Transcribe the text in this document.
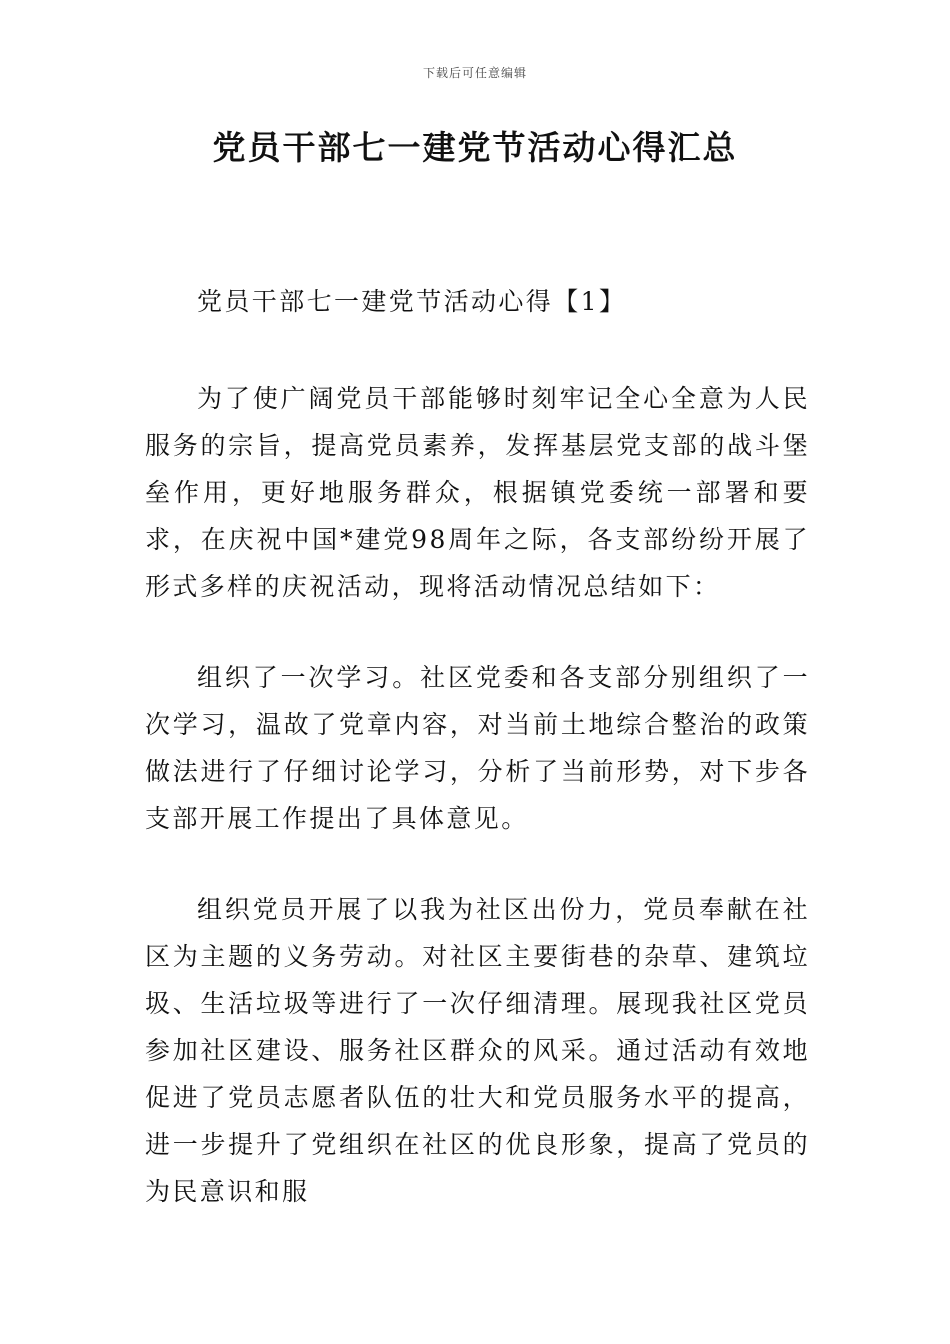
下载后可任意编辑
党员干部七一建党节活动心得汇总
党员干部七一建党节活动心得【1】

为了使广阔党员干部能够时刻牢记全心全意为人民服务的宗旨，提高党员素养，发挥基层党支部的战斗堡垒作用，更好地服务群众，根据镇党委统一部署和要求，在庆祝中国*建党98周年之际，各支部纷纷开展了形式多样的庆祝活动，现将活动情况总结如下：

组织了一次学习。社区党委和各支部分别组织了一次学习，温故了党章内容，对当前土地综合整治的政策做法进行了仔细讨论学习，分析了当前形势，对下步各支部开展工作提出了具体意见。

组织党员开展了以我为社区出份力，党员奉献在社区为主题的义务劳动。对社区主要街巷的杂草、建筑垃圾、生活垃圾等进行了一次仔细清理。展现我社区党员参加社区建设、服务社区群众的风采。通过活动有效地促进了党员志愿者队伍的壮大和党员服务水平的提高，进一步提升了党组织在社区的优良形象，提高了党员的为民意识和服
